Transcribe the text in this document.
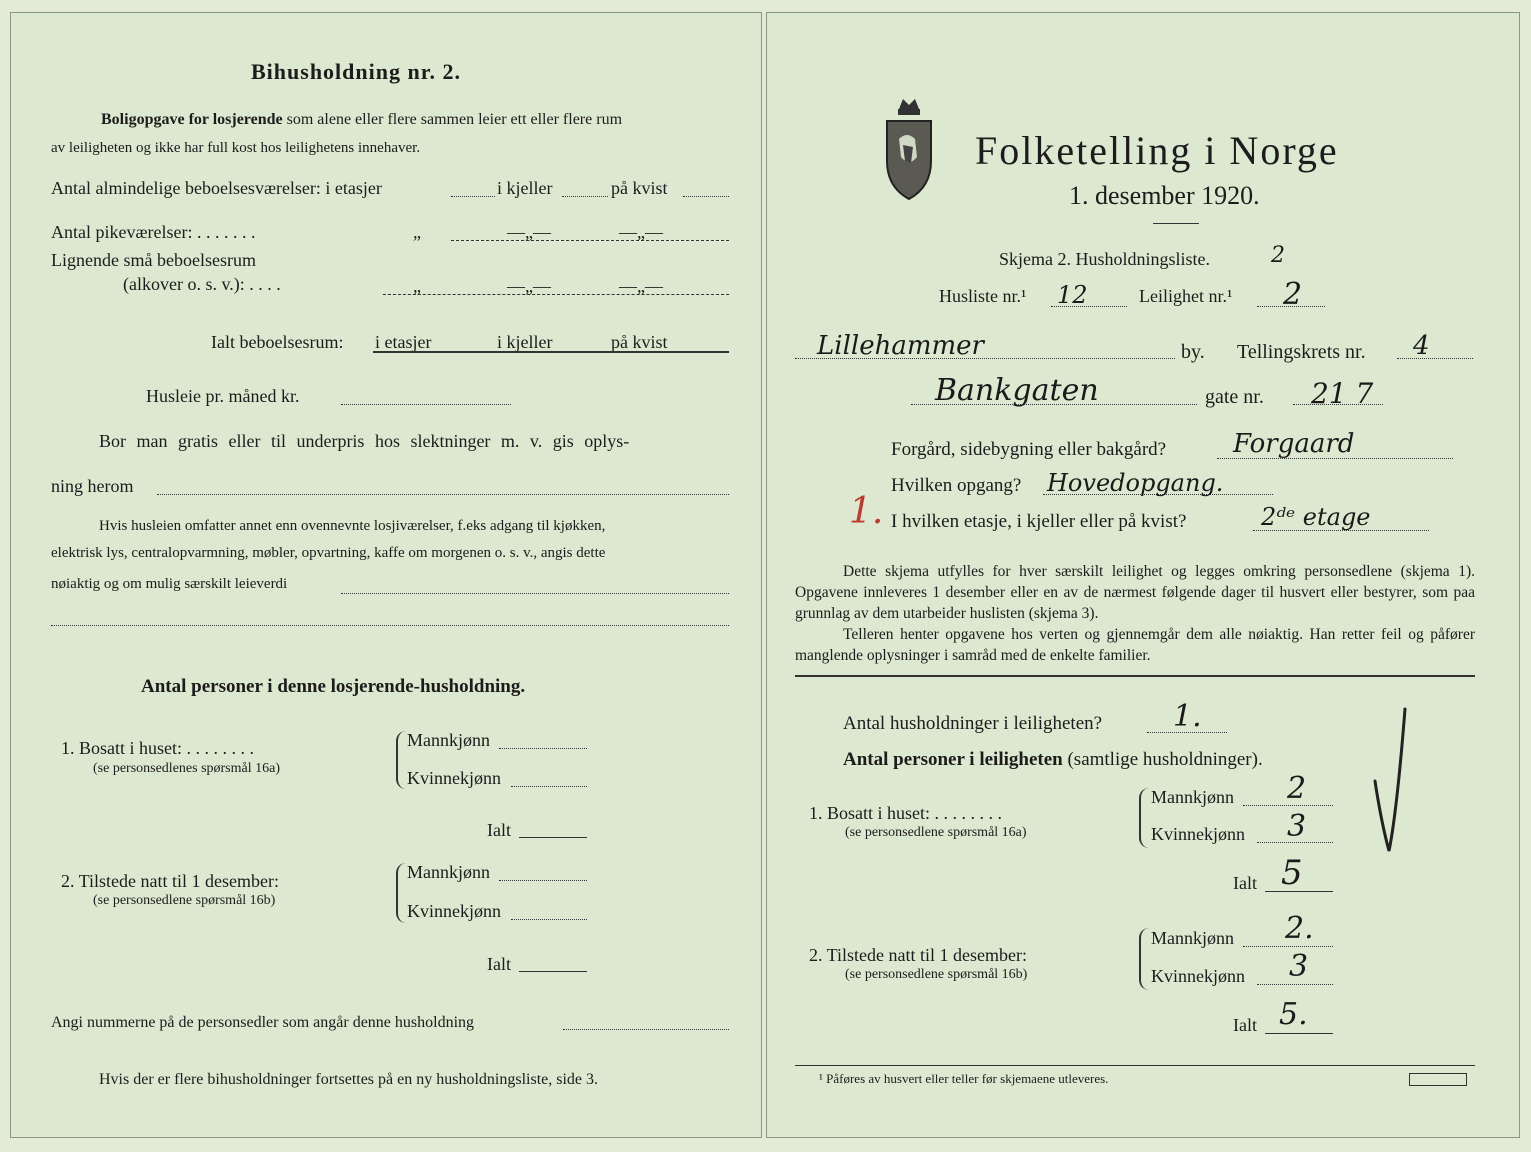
Bihusholdning nr. 2.
Boligopgave for losjerende som alene eller flere sammen leier ett eller flere rum
av leiligheten og ikke har full kost hos leilighetens innehaver.
Antal almindelige beboelsesværelser: i etasjer	i kjeller	på kvist
Antal pikeværelser: . . . . . . .	„	—„—	—„—
Lignende små beboelsesrum
(alkover o. s. v.): . . . .	„	—„—	—„—
Ialt beboelsesrum: i etasjer	i kjeller	på kvist
Husleie pr. måned kr.
Bor man gratis eller til underpris hos slektninger m. v. gis oplys-
ning herom
Hvis husleien omfatter annet enn ovennevnte losjiværelser, f.eks adgang til kjøkken,
elektrisk lys, centralopvarmning, møbler, opvartning, kaffe om morgenen o. s. v., angis dette
nøiaktig og om mulig særskilt leieverdi
Antal personer i denne losjerende-husholdning.
1. Bosatt i huset: . . . . . . . .
(se personsedlenes spørsmål 16a)
Mannkjønn
Kvinnekjønn
Ialt
2. Tilstede natt til 1 desember:
(se personsedlene spørsmål 16b)
Mannkjønn
Kvinnekjønn
Ialt
Angi nummerne på de personsedler som angår denne husholdning
Hvis der er flere bihusholdninger fortsettes på en ny husholdningsliste, side 3.
Folketelling i Norge
1. desember 1920.
Skjema 2. Husholdningsliste.	2
Husliste nr.¹ 12	Leilighet nr.¹ 2
Lillehammer	by. Tellingskrets nr. 4
Bankgaten	gate nr. 21 7
Forgård, sidebygning eller bakgård?	Forgaard
Hvilken opgang? Hovedopgang.
1. I hvilken etasje, i kjeller eller på kvist?	2ᵈᵉ etage
Dette skjema utfylles for hver særskilt leilighet og legges omkring personsedlene (skjema 1). Opgavene innleveres 1 desember eller en av de nærmest følgende dager til husvert eller bestyrer, som paa grunnlag av dem utarbeider huslisten (skjema 3).
Telleren henter opgavene hos verten og gjennemgår dem alle nøiaktig. Han retter feil og påfører manglende oplysninger i samråd med de enkelte familier.
Antal husholdninger i leiligheten? 1.
Antal personer i leiligheten (samtlige husholdninger).
1. Bosatt i huset: . . . . . . . .
(se personsedlene spørsmål 16a)
Mannkjønn 2
Kvinnekjønn 3
Ialt 5
2. Tilstede natt til 1 desember:
(se personsedlene spørsmål 16b)
Mannkjønn 2.
Kvinnekjønn 3
Ialt 5.
¹ Påføres av husvert eller teller før skjemaene utleveres.
